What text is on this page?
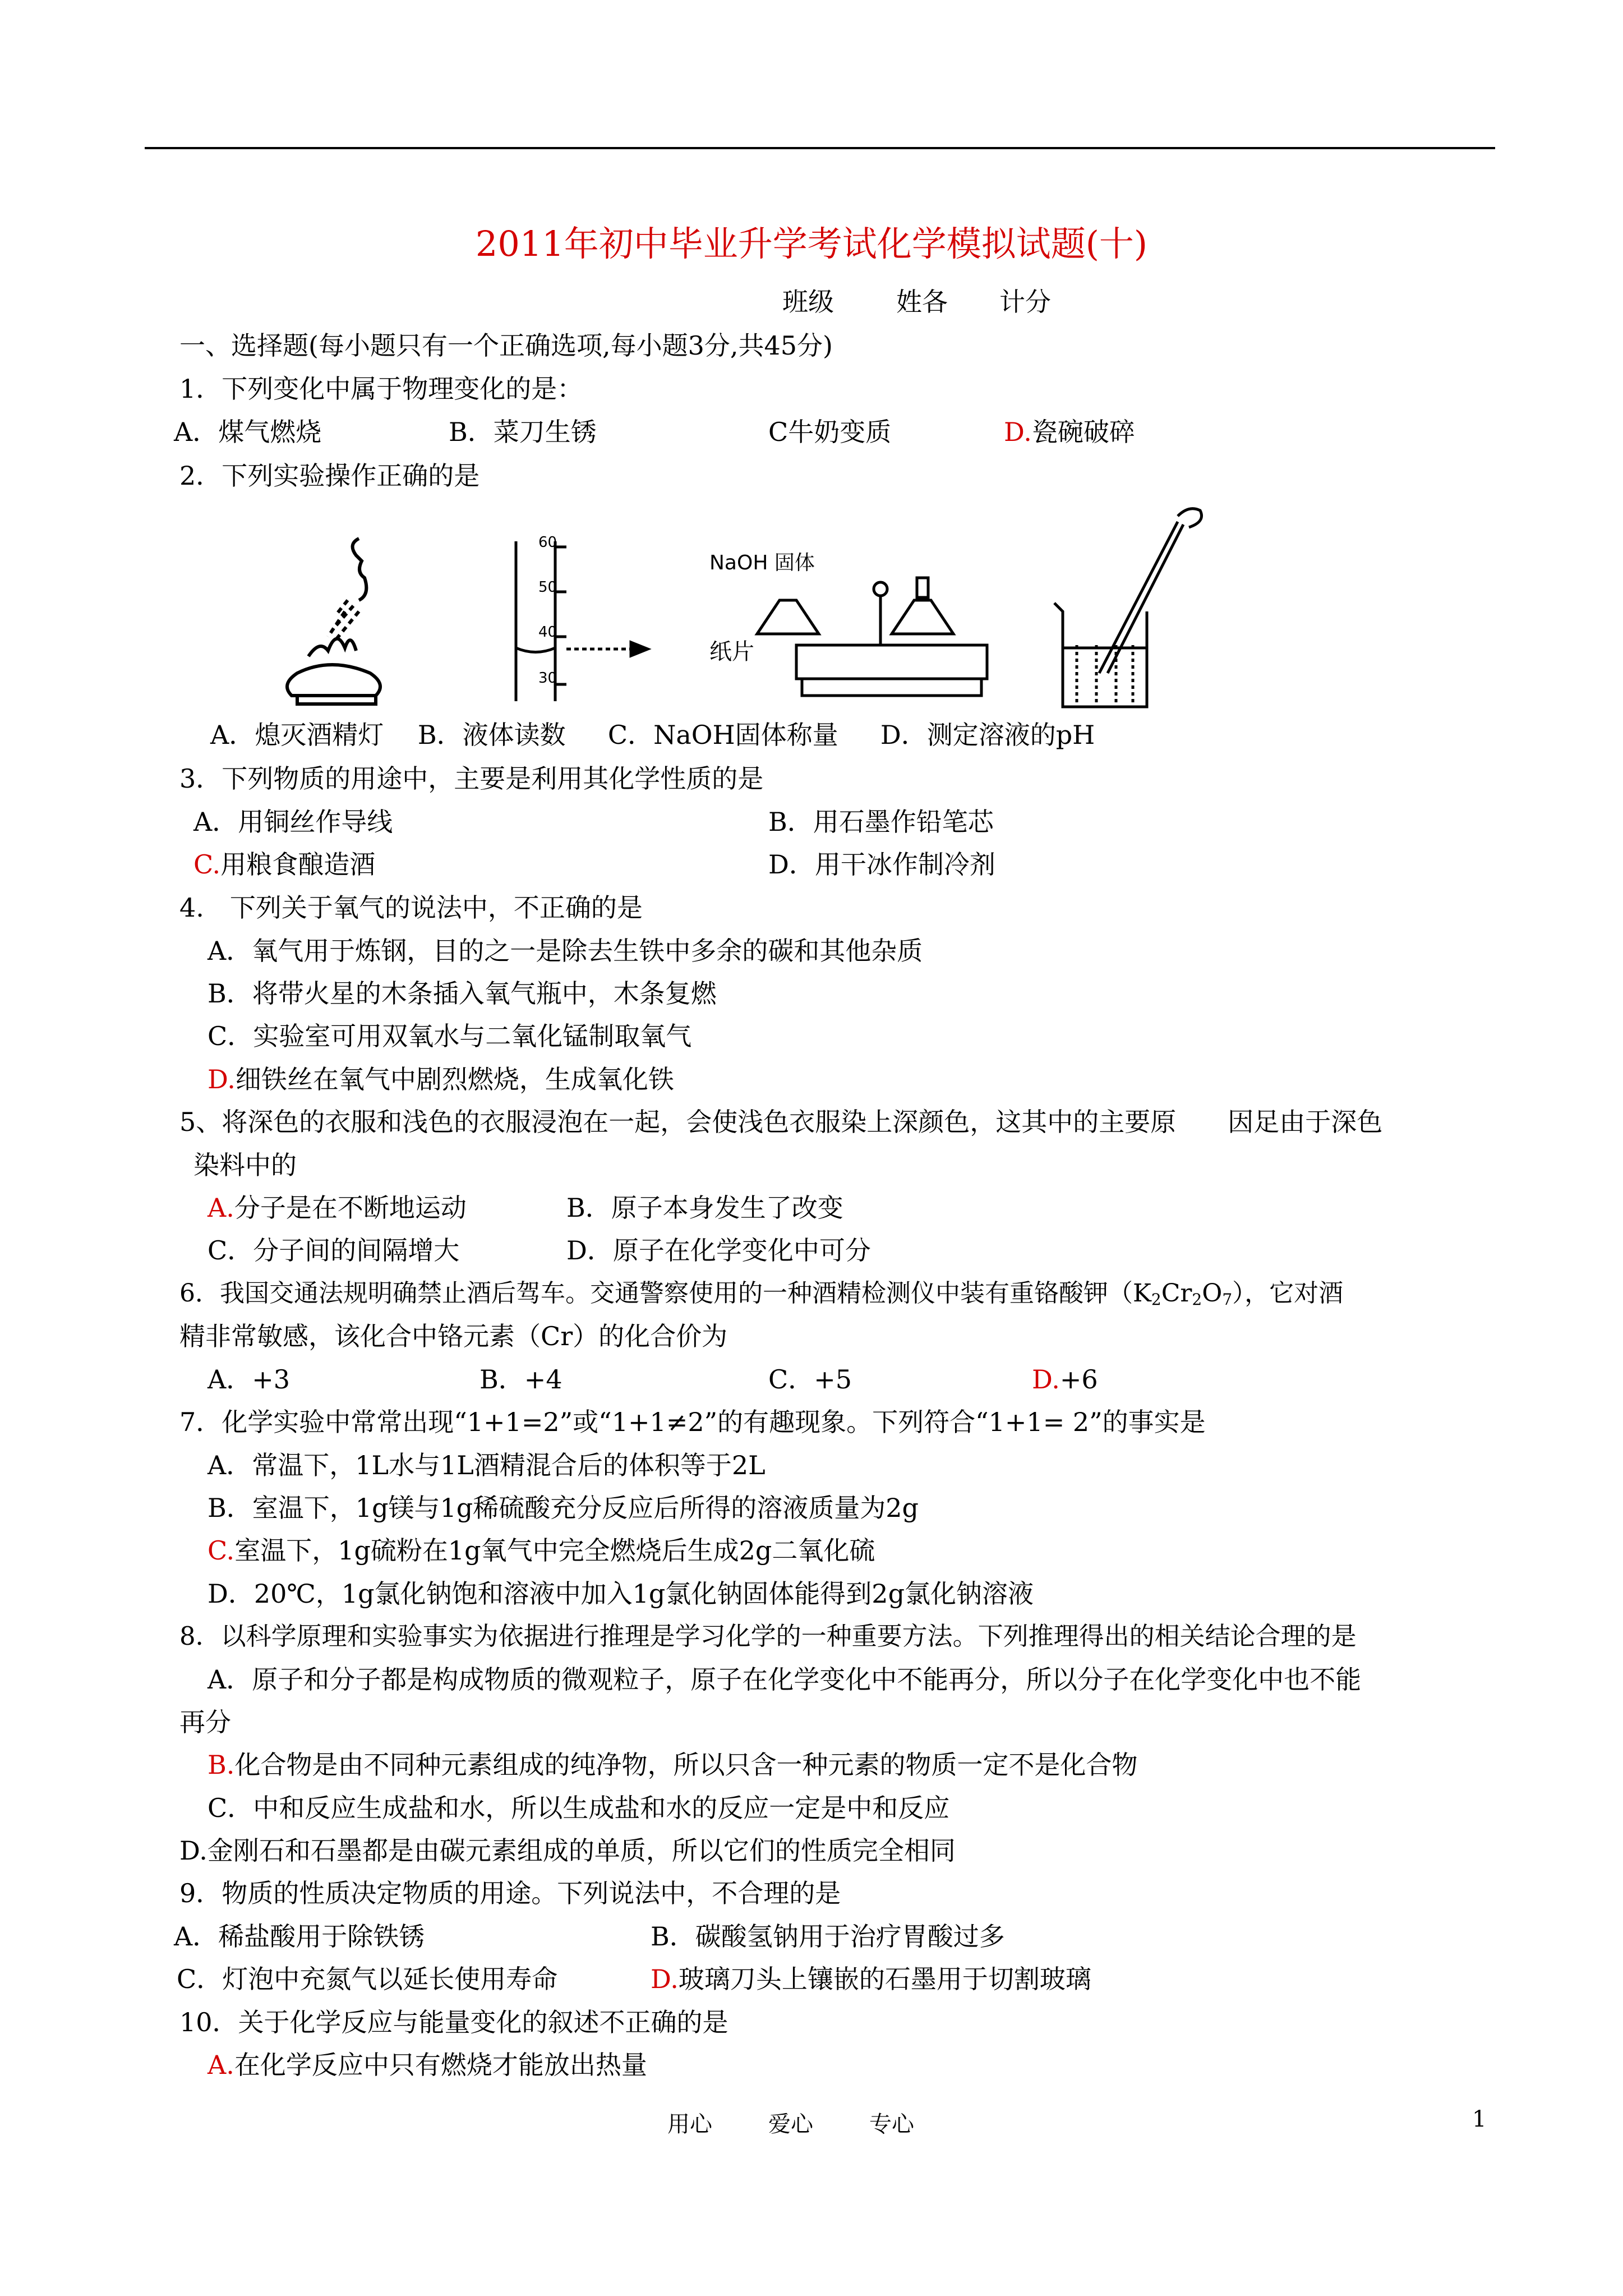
2011年初中毕业升学考试化学模拟试题(十)
班级 姓各 计分
一、选择题(每小题只有一个正确选项,每小题3分,共45分)
1．下列变化中属于物理变化的是：
A．煤气燃烧	B．菜刀生锈	C牛奶变质	D.瓷碗破碎
2．下列实验操作正确的是
60
50
40
30
NaOH 固体
纸片
A．熄灭酒精灯　 B．液体读数 　 C．NaOH固体称量 　 D．测定溶液的pH
3．下列物质的用途中，主要是利用其化学性质的是
A．用铜丝作导线	B．用石墨作铅笔芯
C.用粮食酿造酒	D．用干冰作制冷剂
4.　下列关于氧气的说法中，不正确的是
A．氧气用于炼钢，目的之一是除去生铁中多余的碳和其他杂质
B．将带火星的木条插入氧气瓶中，木条复燃
C．实验室可用双氧水与二氧化锰制取氧气
D.细铁丝在氧气中剧烈燃烧，生成氧化铁
5、将深色的衣服和浅色的衣服浸泡在一起，会使浅色衣服染上深颜色，这其中的主要原　　因足由于深色
染料中的
A.分子是在不断地运动	B．原子本身发生了改变
C．分子间的间隔增大	D．原子在化学变化中可分
6．我国交通法规明确禁止酒后驾车。交通警察使用的一种酒精检测仪中装有重铬酸钾$(K_2Cr_2O_7)$，它对酒
精非常敏感，该化合中铬元素（Cr）的化合价为
A．+3	B．+4	C．+5	D.+6
7．化学实验中常常出现“1+1=2”或“1+1≠2”的有趣现象。下列符合“1+1= 2”的事实是
A．常温下，1L水与1L酒精混合后的体积等于2L
B．室温下，1g镁与1g稀硫酸充分反应后所得的溶液质量为2g
C.室温下，1g硫粉在1g氧气中完全燃烧后生成2g二氧化硫
D．20℃，1g氯化钠饱和溶液中加入1g氯化钠固体能得到2g氯化钠溶液
8．以科学原理和实验事实为依据进行推理是学习化学的一种重要方法。下列推理得出的相关结论合理的是
A．原子和分子都是构成物质的微观粒子，原子在化学变化中不能再分，所以分子在化学变化中也不能
再分
B.化合物是由不同种元素组成的纯净物，所以只含一种元素的物质一定不是化合物
C．中和反应生成盐和水，所以生成盐和水的反应一定是中和反应
D.金刚石和石墨都是由碳元素组成的单质，所以它们的性质完全相同
9．物质的性质决定物质的用途。下列说法中，不合理的是
A．稀盐酸用于除铁锈	B．碳酸氢钠用于治疗胃酸过多
C．灯泡中充氮气以延长使用寿命	D.玻璃刀头上镶嵌的石墨用于切割玻璃
10．关于化学反应与能量变化的叙述不正确的是
A.在化学反应中只有燃烧才能放出热量
用心	爱心	专心	1
